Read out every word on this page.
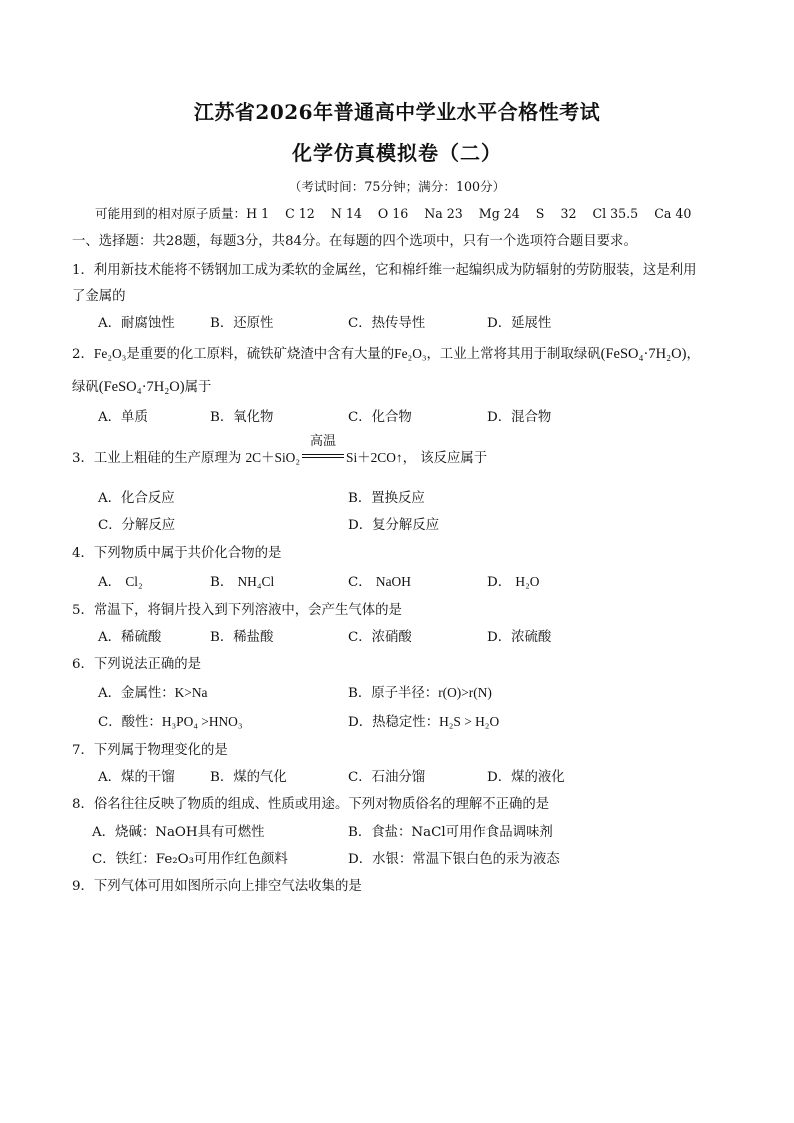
江苏省2026年普通高中学业水平合格性考试
化学仿真模拟卷（二）
（考试时间：75分钟；满分：100分）
可能用到的相对原子质量：H 1    C 12    N 14    O 16    Na 23    Mg 24    S    32    Cl 35.5    Ca 40
一、选择题：共28题，每题3分，共84分。在每题的四个选项中，只有一个选项符合题目要求。
1．利用新技术能将不锈钢加工成为柔软的金属丝，它和棉纤维一起编织成为防辐射的劳防服装，这是利用
了金属的
A．耐腐蚀性	B．还原性	C．热传导性	D．延展性
2．Fe₂O₃是重要的化工原料，硫铁矿烧渣中含有大量的Fe₂O₃，工业上常将其用于制取绿矾(FeSO₄·7H₂O)，
绿矾(FeSO₄·7H₂O)属于
A．单质	B．氧化物	C．化合物	D．混合物
3．工业上粗硅的生产原理为 2C＋SiO₂
高温
Si＋2CO↑， 该反应属于
A．化合反应	B．置换反应
C．分解反应	D．复分解反应
4．下列物质中属于共价化合物的是
A． Cl₂	B． NH₄Cl	C． NaOH	D． H₂O
5．常温下，将铜片投入到下列溶液中，会产生气体的是
A．稀硫酸	B．稀盐酸	C．浓硝酸	D．浓硫酸
6．下列说法正确的是
A．金属性：K>Na	B．原子半径：r(O)>r(N)
C．酸性：H₃PO₄ >HNO₃	D．热稳定性：H₂S > H₂O
7．下列属于物理变化的是
A．煤的干馏	B．煤的气化	C．石油分馏	D．煤的液化
8．俗名往往反映了物质的组成、性质或用途。下列对物质俗名的理解不正确的是
A．烧碱：NaOH具有可燃性	B．食盐：NaCl可用作食品调味剂
C．铁红：Fe₂O₃可用作红色颜料	D．水银：常温下银白色的汞为液态
9．下列气体可用如图所示向上排空气法收集的是
